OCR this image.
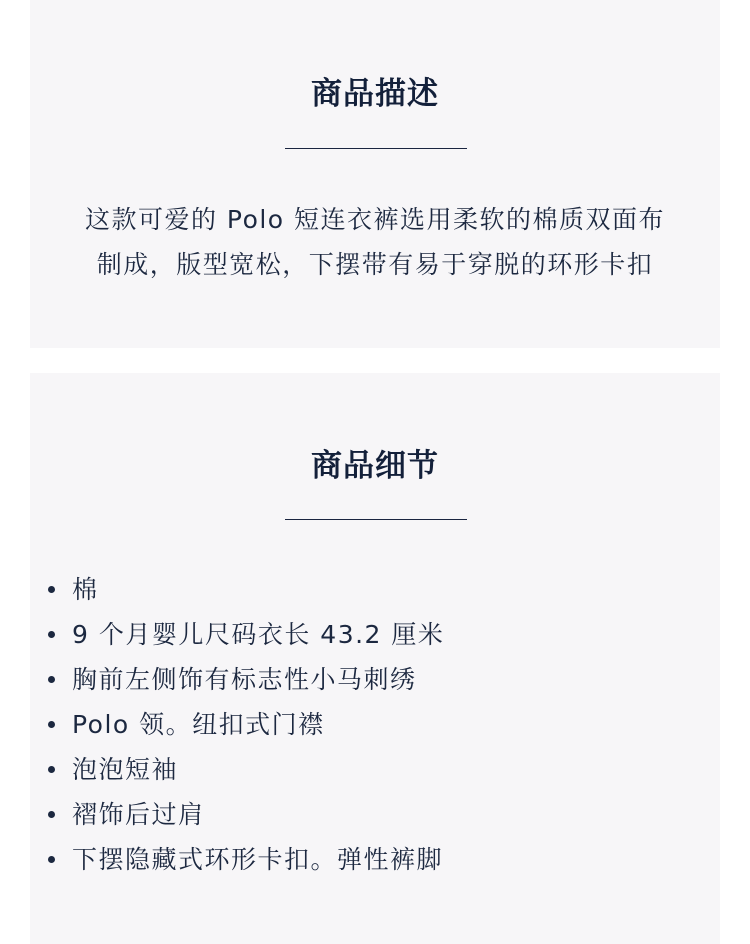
商品描述
这款可爱的 Polo 短连衣裤选用柔软的棉质双面布
制成，版型宽松，下摆带有易于穿脱的环形卡扣
商品细节
棉
9 个月婴儿尺码衣长 43.2 厘米
胸前左侧饰有标志性小马刺绣
Polo 领。纽扣式门襟
泡泡短袖
褶饰后过肩
下摆隐藏式环形卡扣。弹性裤脚
